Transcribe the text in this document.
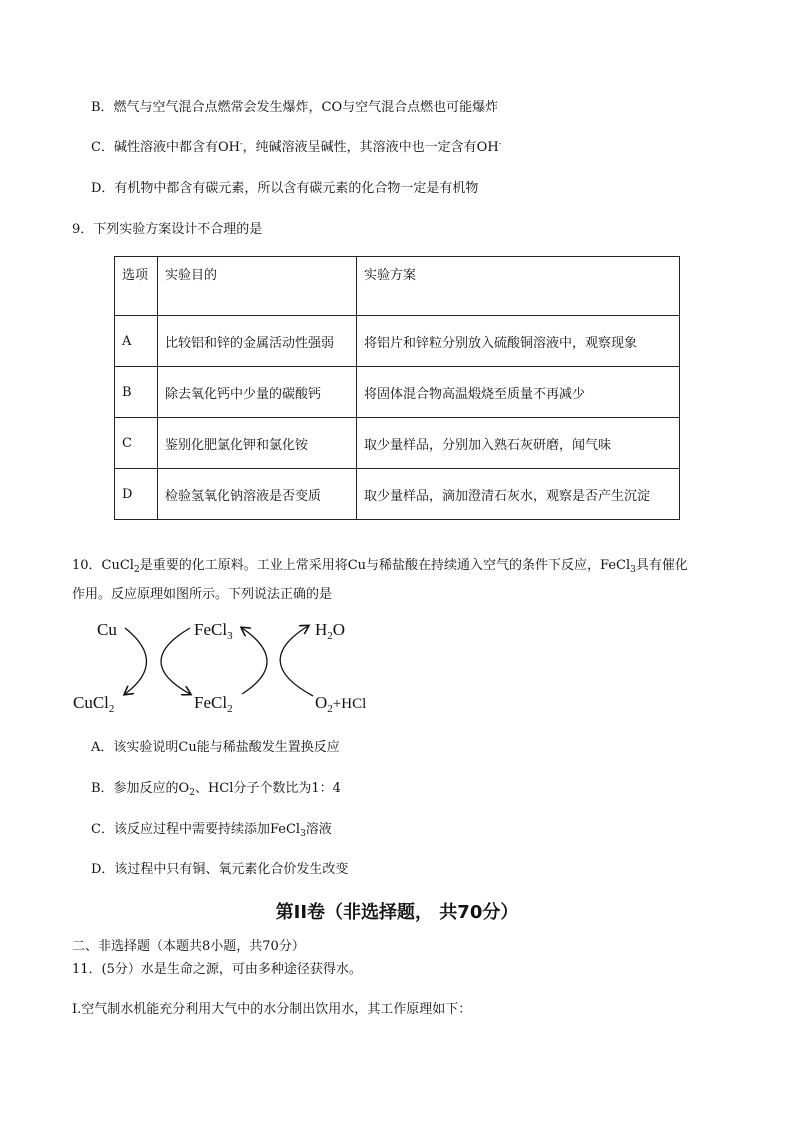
B．燃气与空气混合点燃常会发生爆炸，CO与空气混合点燃也可能爆炸
C．碱性溶液中都含有OH-，纯碱溶液呈碱性，其溶液中也一定含有OH-
D．有机物中都含有碳元素，所以含有碳元素的化合物一定是有机物
9．下列实验方案设计不合理的是
选项	实验目的	实验方案
A	比较铝和锌的金属活动性强弱	将铝片和锌粒分别放入硫酸铜溶液中，观察现象
B	除去氧化钙中少量的碳酸钙	将固体混合物高温煅烧至质量不再减少
C	鉴别化肥氯化钾和氯化铵	取少量样品，分别加入熟石灰研磨，闻气味
D	检验氢氧化钠溶液是否变质	取少量样品，滴加澄清石灰水，观察是否产生沉淀
10．CuCl$_2$是重要的化工原料。工业上常采用将Cu与稀盐酸在持续通入空气的条件下反应，FeCl$_3$具有催化
作用。反应原理如图所示。下列说法正确的是
Cu
CuCl$_2$
FeCl$_3$
FeCl$_2$
$H_2O$
$O_2+HCl$
A．该实验说明Cu能与稀盐酸发生置换反应
B．参加反应的$O_2$、HCl分子个数比为1：4
C．该反应过程中需要持续添加FeCl$_3$溶液
D．该过程中只有铜、氧元素化合价发生改变
第II卷（非选择题， 共70分）
二、非选择题（本题共8小题，共70分）
11．(5分）水是生命之源，可由多种途径获得水。
I.空气制水机能充分利用大气中的水分制出饮用水，其工作原理如下：
